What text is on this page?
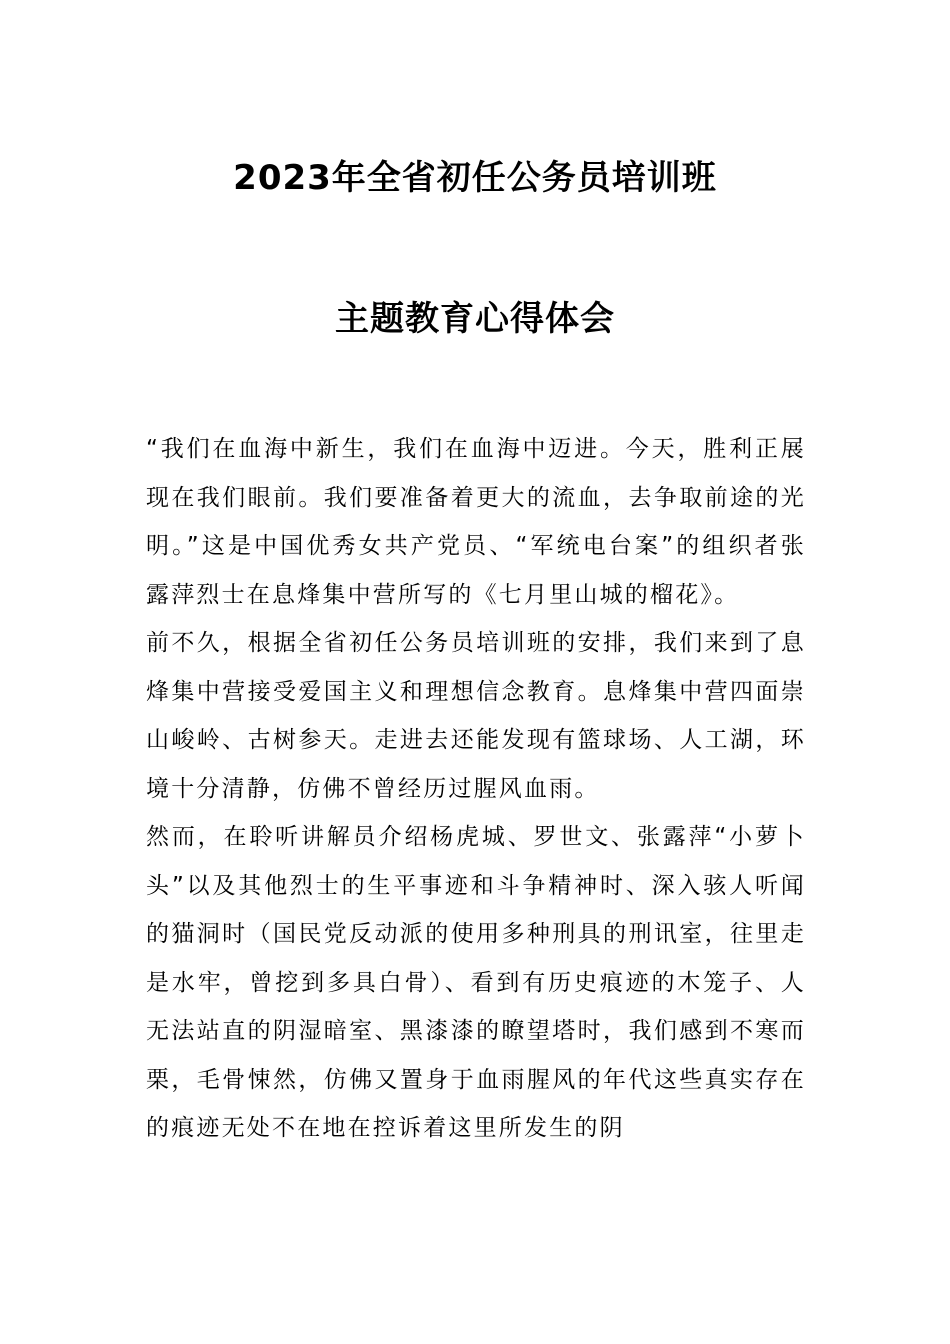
2023年全省初任公务员培训班
主题教育心得体会

“我们在血海中新生，我们在血海中迈进。今天，胜利正展现在我们眼前。我们要准备着更大的流血，去争取前途的光明。”这是中国优秀女共产党员、“军统电台案”的组织者张露萍烈士在息烽集中营所写的《七月里山城的榴花》。

前不久，根据全省初任公务员培训班的安排，我们来到了息烽集中营接受爱国主义和理想信念教育。息烽集中营四面崇山峻岭、古树参天。走进去还能发现有篮球场、人工湖，环境十分清静，仿佛不曾经历过腥风血雨。

然而，在聆听讲解员介绍杨虎城、罗世文、张露萍“小萝卜头”以及其他烈士的生平事迹和斗争精神时、深入骇人听闻的猫洞时（国民党反动派的使用多种刑具的刑讯室，往里走是水牢，曾挖到多具白骨）、看到有历史痕迹的木笼子、人无法站直的阴湿暗室、黑漆漆的瞭望塔时，我们感到不寒而栗，毛骨悚然，仿佛又置身于血雨腥风的年代这些真实存在的痕迹无处不在地在控诉着这里所发生的阴
